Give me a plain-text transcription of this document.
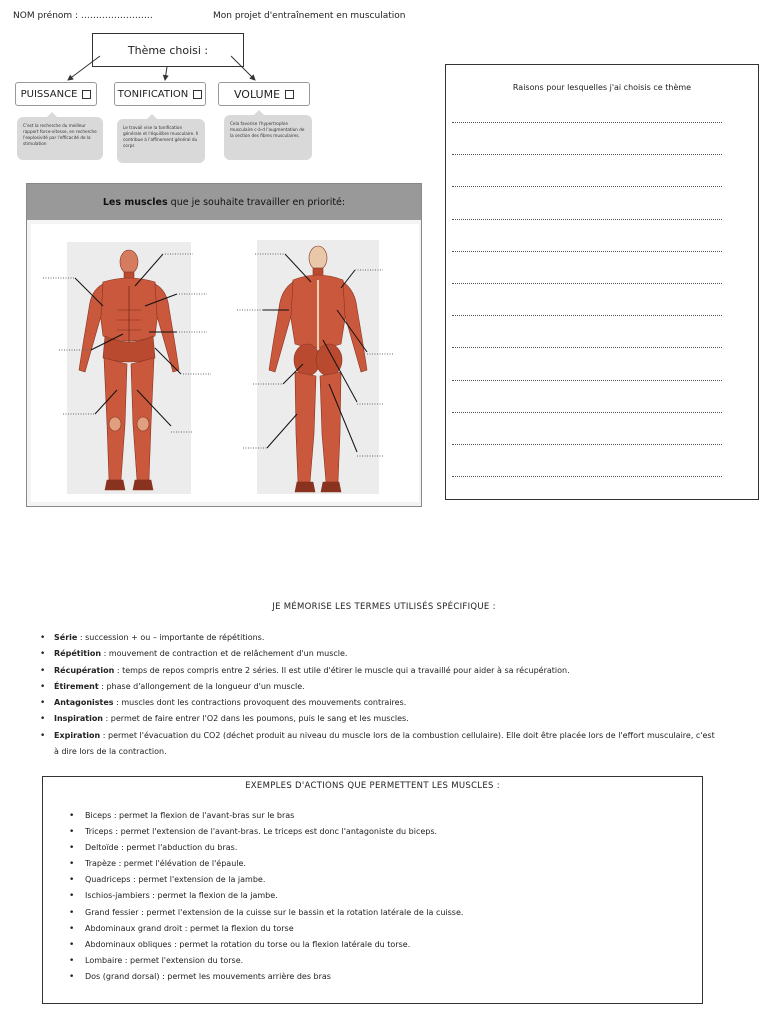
NOM prénom : ……………………	Mon projet d'entraînement en musculation
Thème choisi :
PUISSANCE	TONIFICATION	VOLUME
C'est la recherche du meilleur rapport force-vitesse, en recherche l'explosivité par l'efficacité de la stimulation
Le travail vise la tonification générale et l'équilibre musculaire. Il contribue à l'affinement général du corps
Cela favorise l'hypertrophie musculaire c-à-d l'augmentation de la section des fibres musculaires.
Raisons pour lesquelles j'ai choisis ce thème
Les muscles que je souhaite travailler en priorité:
JE MÉMORISE LES TERMES UTILISÉS SPÉCIFIQUE :
• Série : succession + ou – importante de répétitions.
• Répétition : mouvement de contraction et de relâchement d'un muscle.
• Récupération : temps de repos compris entre 2 séries. Il est utile d'étirer le muscle qui a travaillé pour aider à sa récupération.
• Étirement : phase d'allongement de la longueur d'un muscle.
• Antagonistes : muscles dont les contractions provoquent des mouvements contraires.
• Inspiration : permet de faire entrer l'O2 dans les poumons, puis le sang et les muscles.
• Expiration : permet l'évacuation du CO2 (déchet produit au niveau du muscle lors de la combustion cellulaire). Elle doit être placée lors de l'effort musculaire, c'est à dire lors de la contraction.
EXEMPLES D'ACTIONS QUE PERMETTENT LES MUSCLES :
• Biceps : permet la flexion de l'avant-bras sur le bras
• Triceps : permet l'extension de l'avant-bras. Le triceps est donc l'antagoniste du biceps.
• Deltoïde : permet l'abduction du bras.
• Trapèze : permet l'élévation de l'épaule.
• Quadriceps : permet l'extension de la jambe.
• Ischios-jambiers : permet la flexion de la jambe.
• Grand fessier : permet l'extension de la cuisse sur le bassin et la rotation latérale de la cuisse.
• Abdominaux grand droit : permet la flexion du torse
• Abdominaux obliques : permet la rotation du torse ou la flexion latérale du torse.
• Lombaire : permet l'extension du torse.
• Dos (grand dorsal) : permet les mouvements arrière des bras
